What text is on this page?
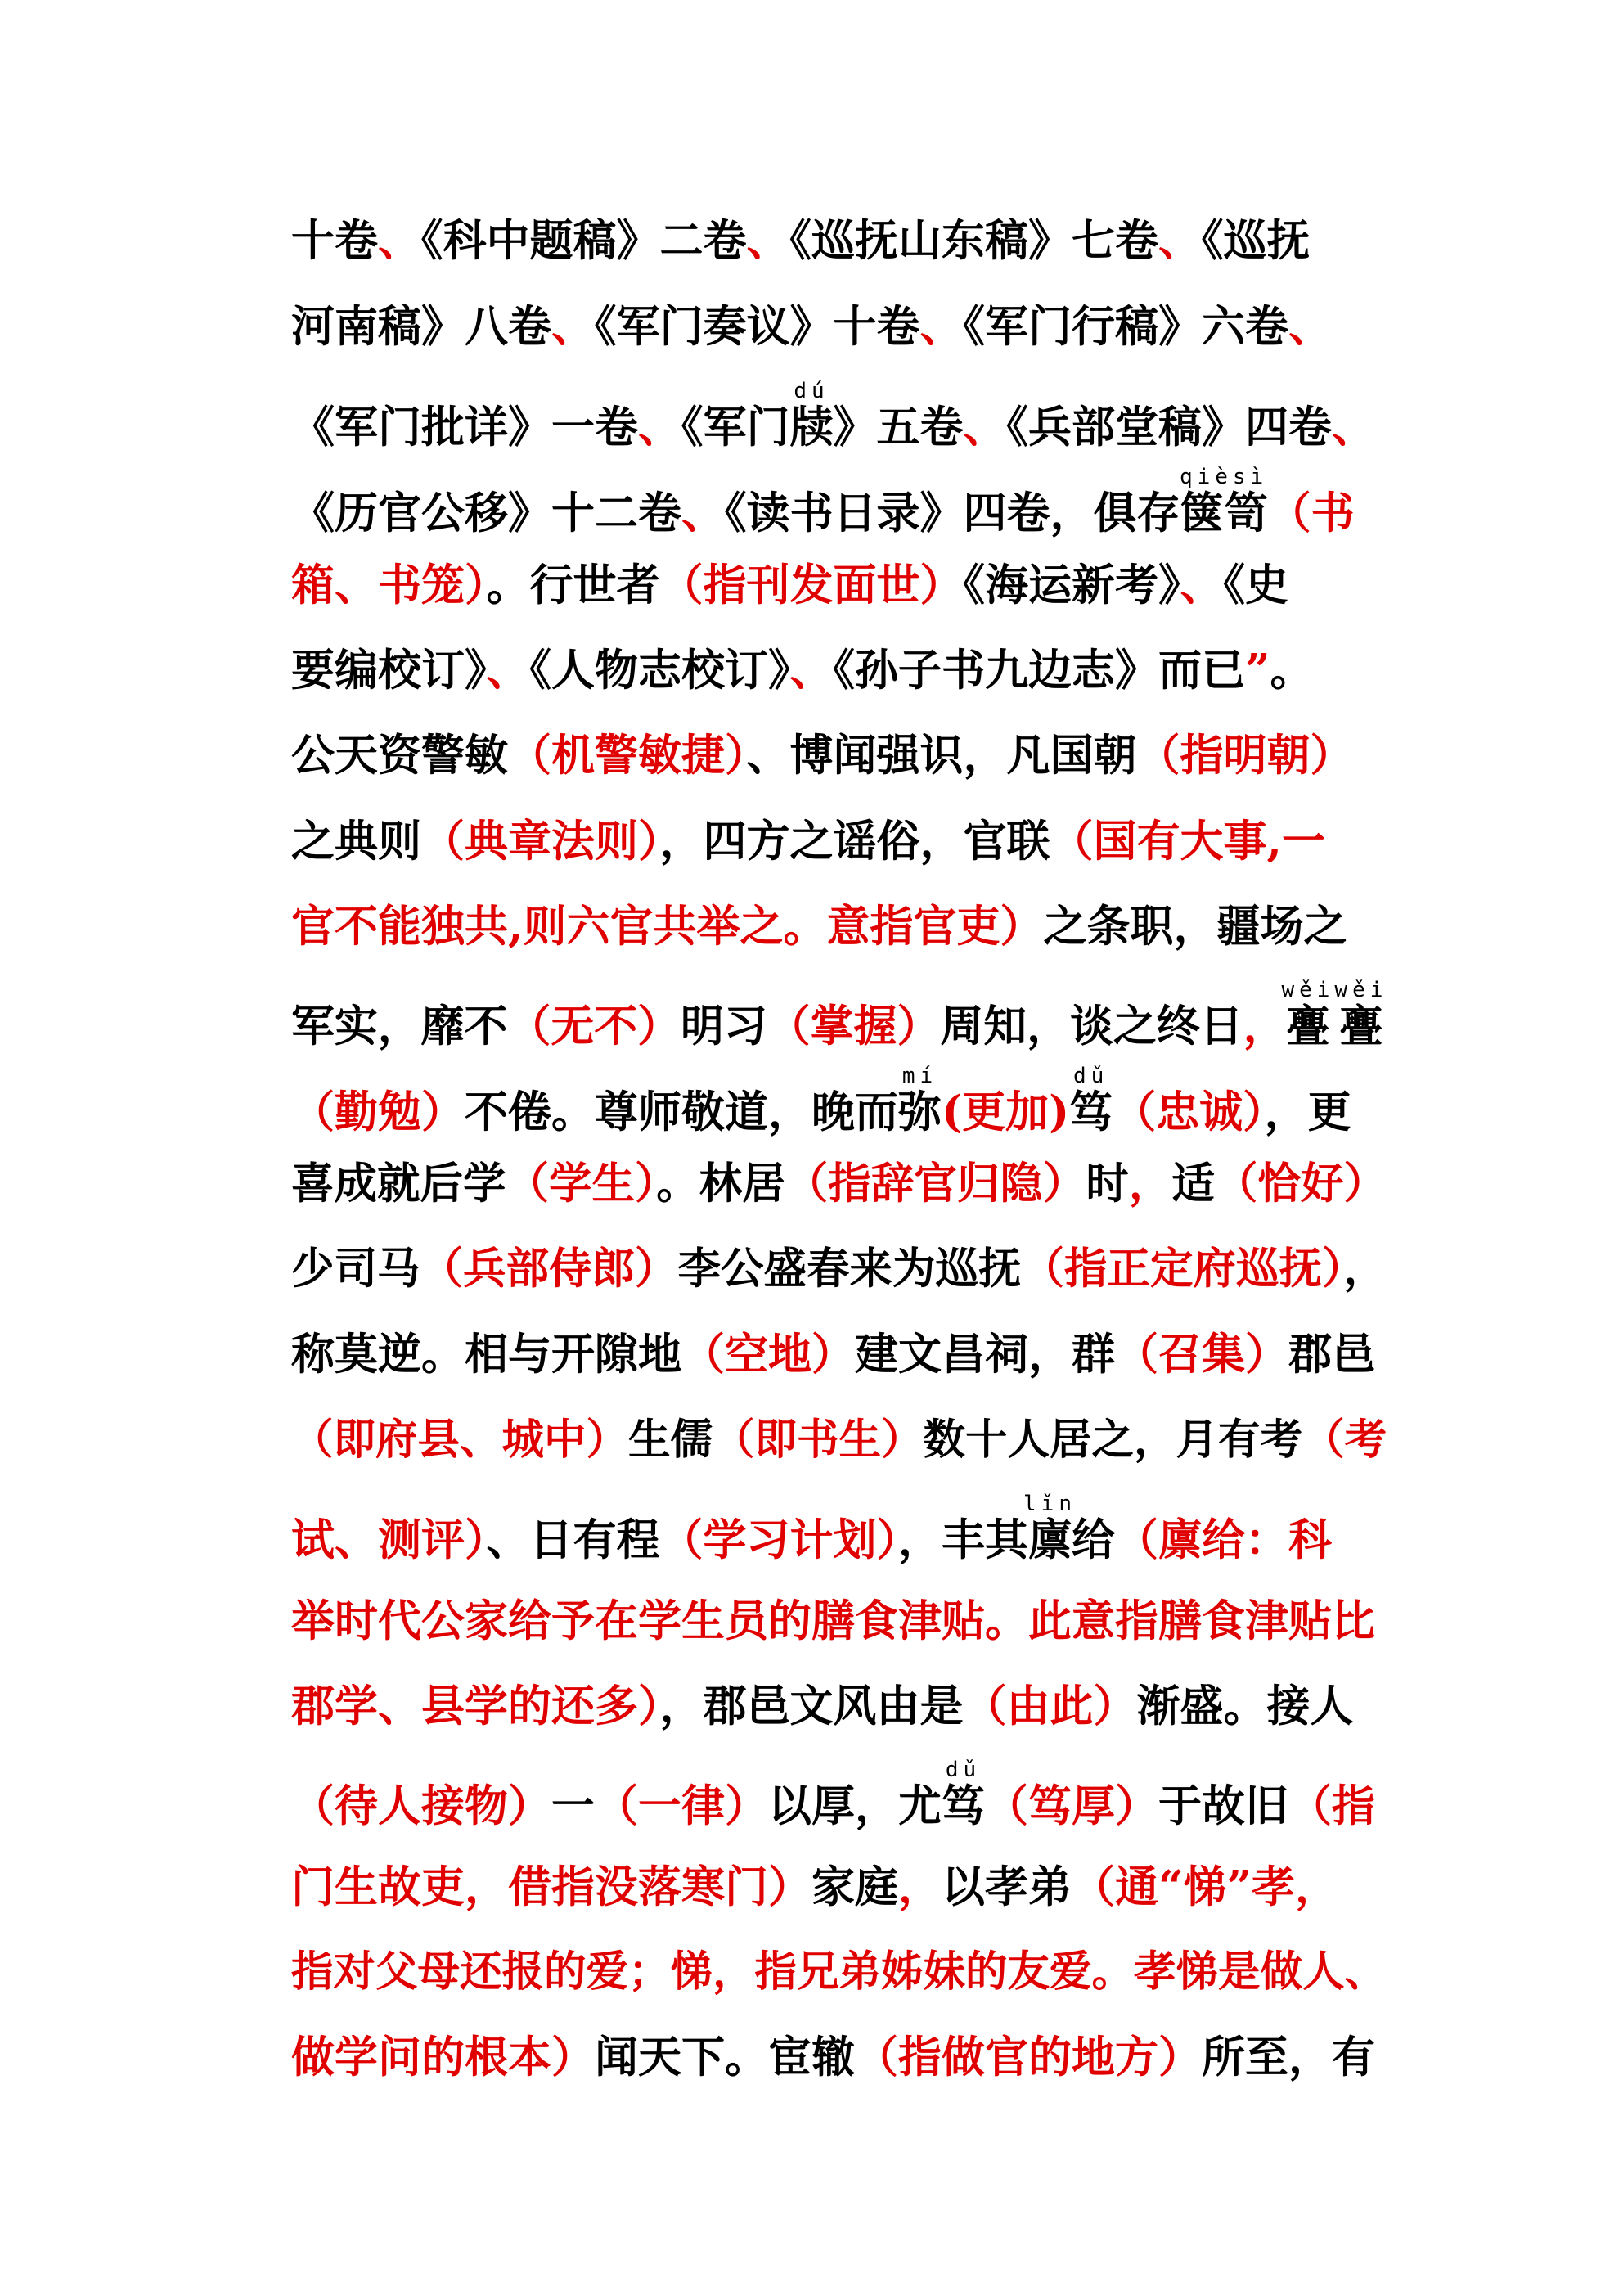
十卷、《科中题稿》二卷、《巡抚山东稿》七卷、《巡抚
河南稿》八卷、《军门奏议》十卷、《军门行稿》六卷、
《军门批详》一卷、《军门牍dú》五卷、《兵部堂稿》四卷、
《历官公移》十二卷、《读书日录》四卷，俱存箧笥qièsì（书
箱、书笼）。行世者（指刊发面世）《海运新考》、《史
要编校订》、《人物志校订》、《孙子书九边志》而已”。
公天资警敏（机警敏捷）、博闻强识，凡国朝（指明朝）
之典则（典章法则），四方之谣俗，官联（国有大事,一
官不能独共,则六官共举之。意指官吏）之条职，疆场之
军实，靡不（无不）明习（掌握）周知，谈之终日，亹亹wěiwěi
（勤勉）不倦。尊师敬道，晚而弥mí(更加)笃dǔ（忠诚），更
喜成就后学（学生）。林居（指辞官归隐）时，适（恰好）
少司马（兵部侍郎）李公盛春来为巡抚（指正定府巡抚），
称莫逆。相与开隙地（空地）建文昌祠，群（召集）郡邑
（即府县、城中）生儒（即书生）数十人居之，月有考（考
试、测评）、日有程（学习计划），丰其廪lǐn给（廪给：科
举时代公家给予在学生员的膳食津贴。此意指膳食津贴比
郡学、县学的还多），郡邑文风由是（由此）渐盛。接人
（待人接物）一（一律）以厚，尤笃dǔ（笃厚）于故旧（指
门生故吏，借指没落寒门）家庭，以孝弟（通“悌”孝，
指对父母还报的爱；悌，指兄弟姊妹的友爱。孝悌是做人、
做学问的根本）闻天下。宦辙（指做官的地方）所至，有
